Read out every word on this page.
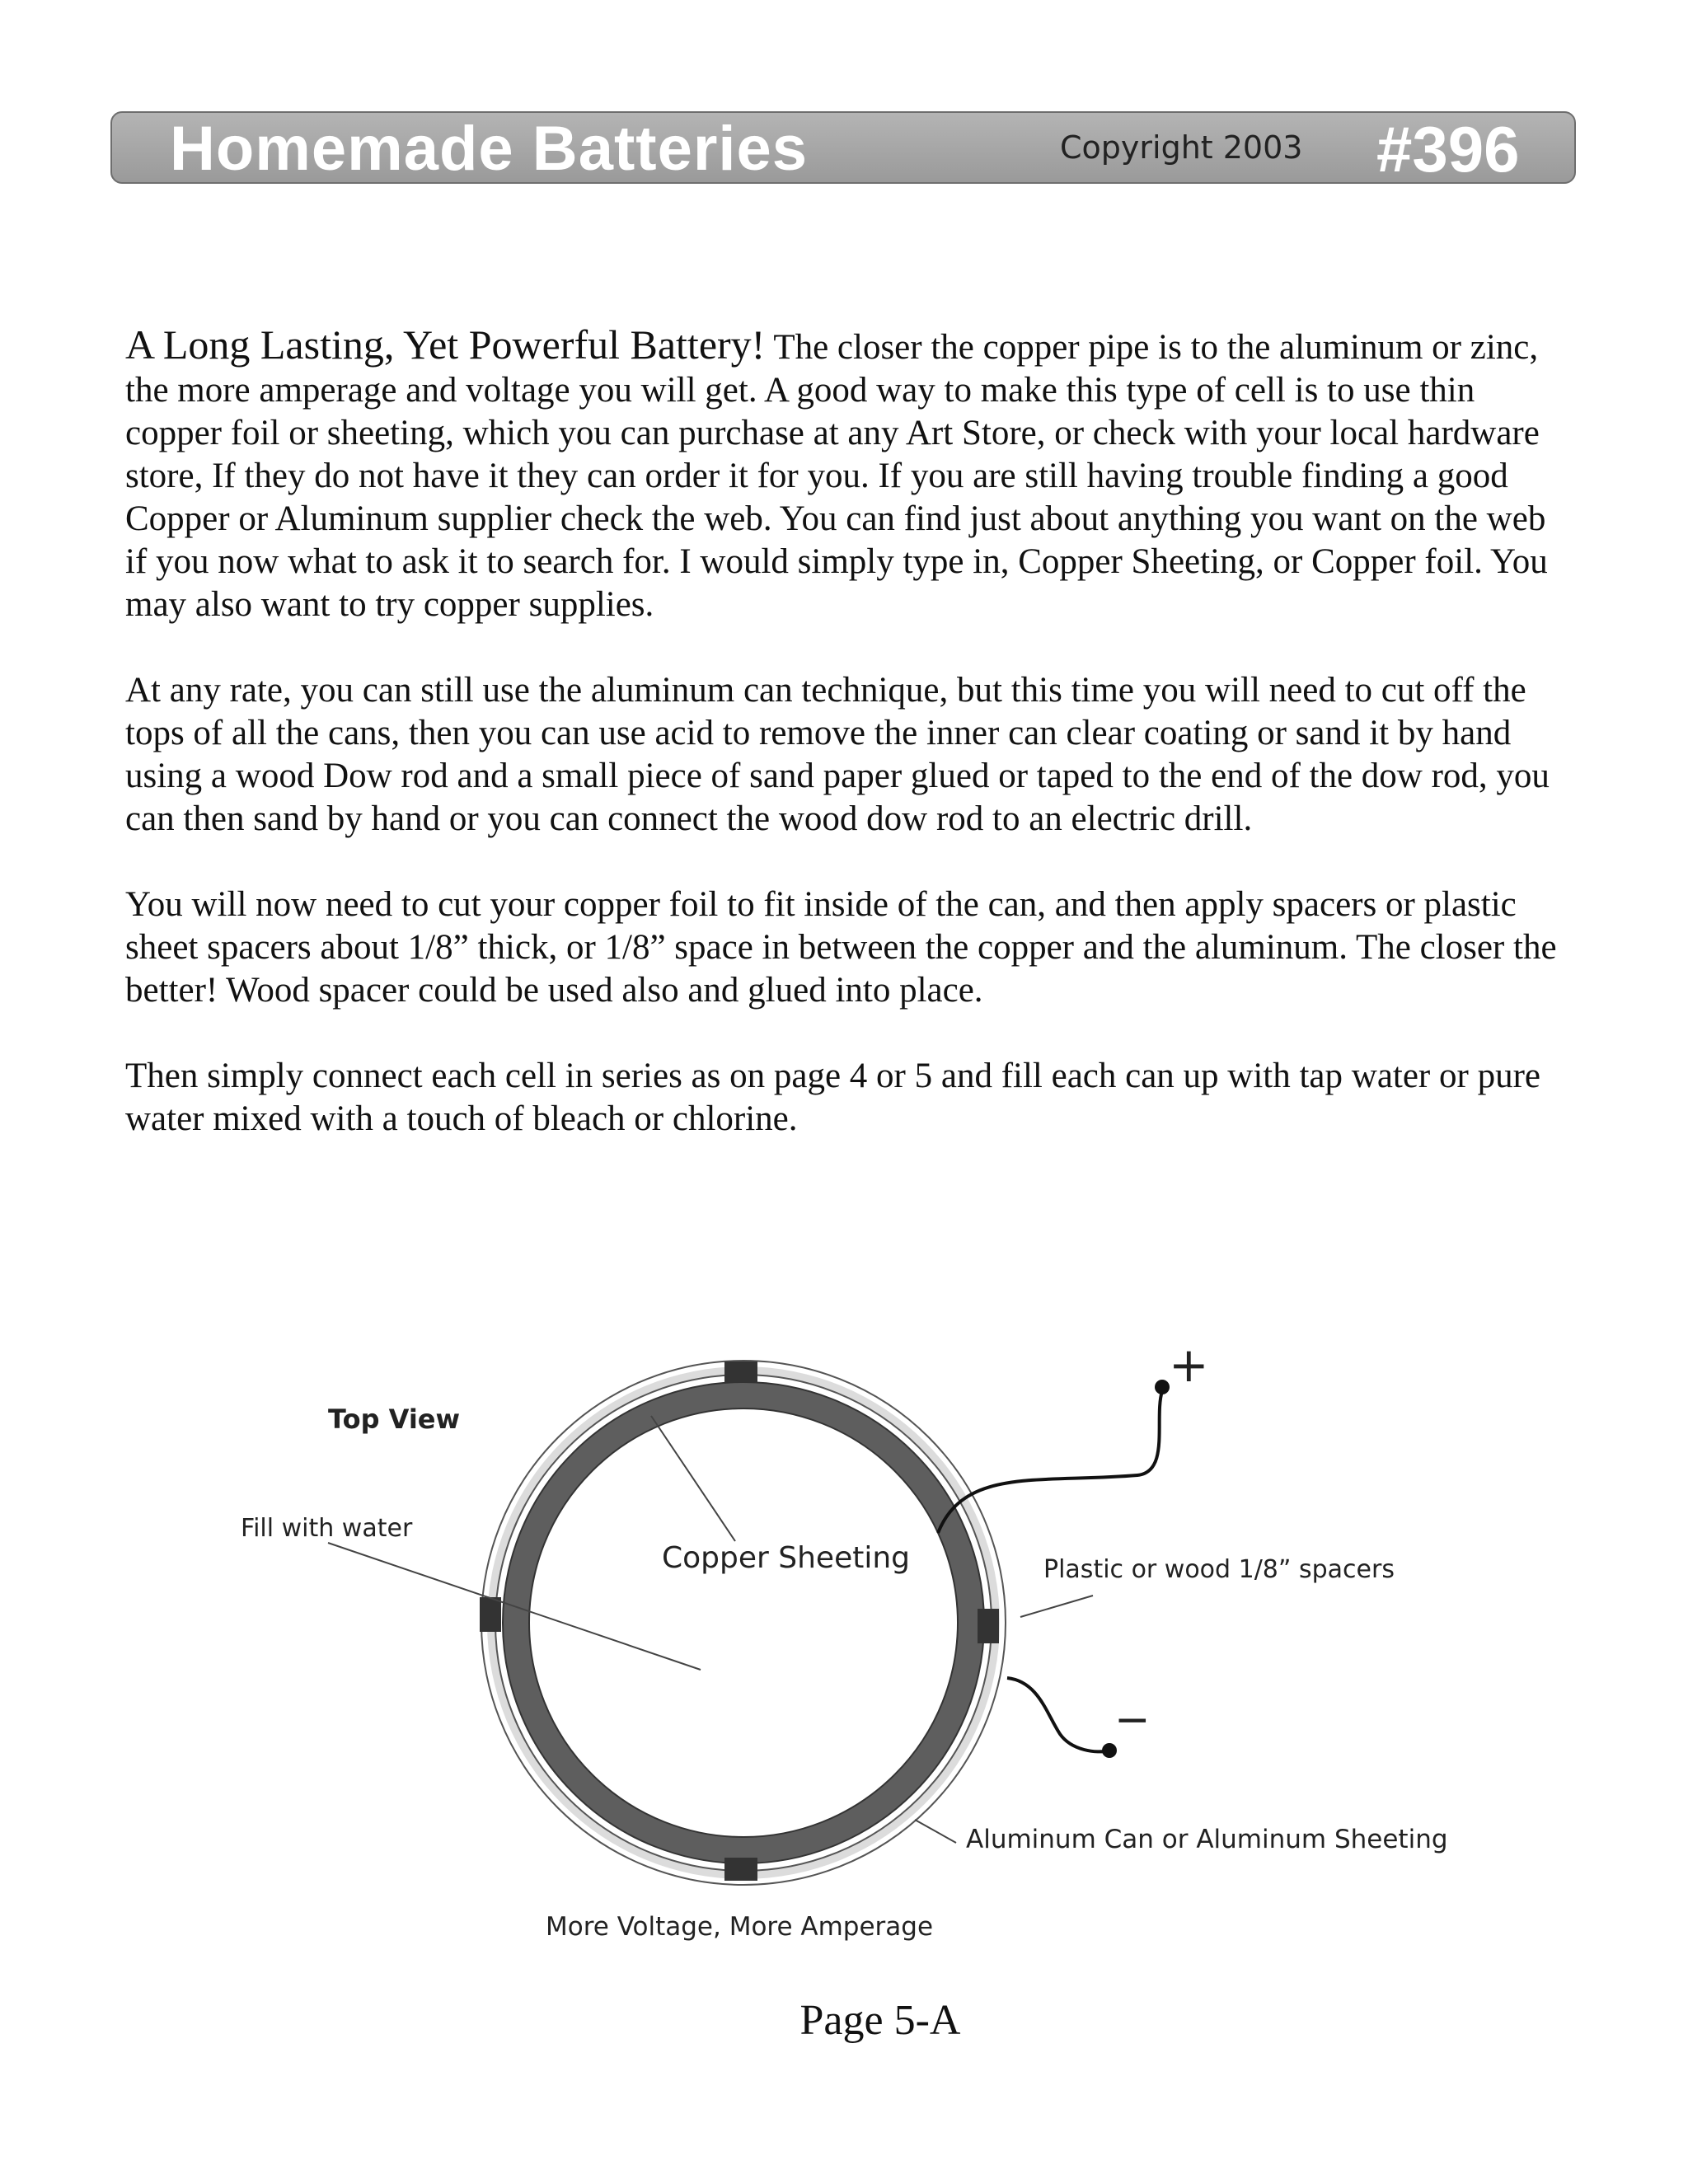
Homemade Batteries	Copyright 2003 #396

A Long Lasting, Yet Powerful Battery! The closer the copper pipe is to the aluminum or zinc, the more amperage and voltage you will get. A good way to make this type of cell is to use thin copper foil or sheeting, which you can purchase at any Art Store, or check with your local hardware store, If they do not have it they can order it for you. If you are still having trouble finding a good Copper or Aluminum supplier check the web. You can find just about anything you want on the web if you now what to ask it to search for. I would simply type in, Copper Sheeting, or Copper foil. You may also want to try copper supplies.

At any rate, you can still use the aluminum can technique, but this time you will need to cut off the tops of all the cans, then you can use acid to remove the inner can clear coating or sand it by hand using a wood Dow rod and a small piece of sand paper glued or taped to the end of the dow rod, you can then sand by hand or you can connect the wood dow rod to an electric drill.

You will now need to cut your copper foil to fit inside of the can, and then apply spacers or plastic sheet spacers about 1/8” thick, or 1/8” space in between the copper and the aluminum. The closer the better! Wood spacer could be used also and glued into place.

Then simply connect each cell in series as on page 4 or 5 and fill each can up with tap water or pure water mixed with a touch of bleach or chlorine.

+
−
Top View
Fill with water
Copper Sheeting	Plastic or wood 1/8” spacers
Aluminum Can or Aluminum Sheeting
More Voltage, More Amperage
Page 5-A
